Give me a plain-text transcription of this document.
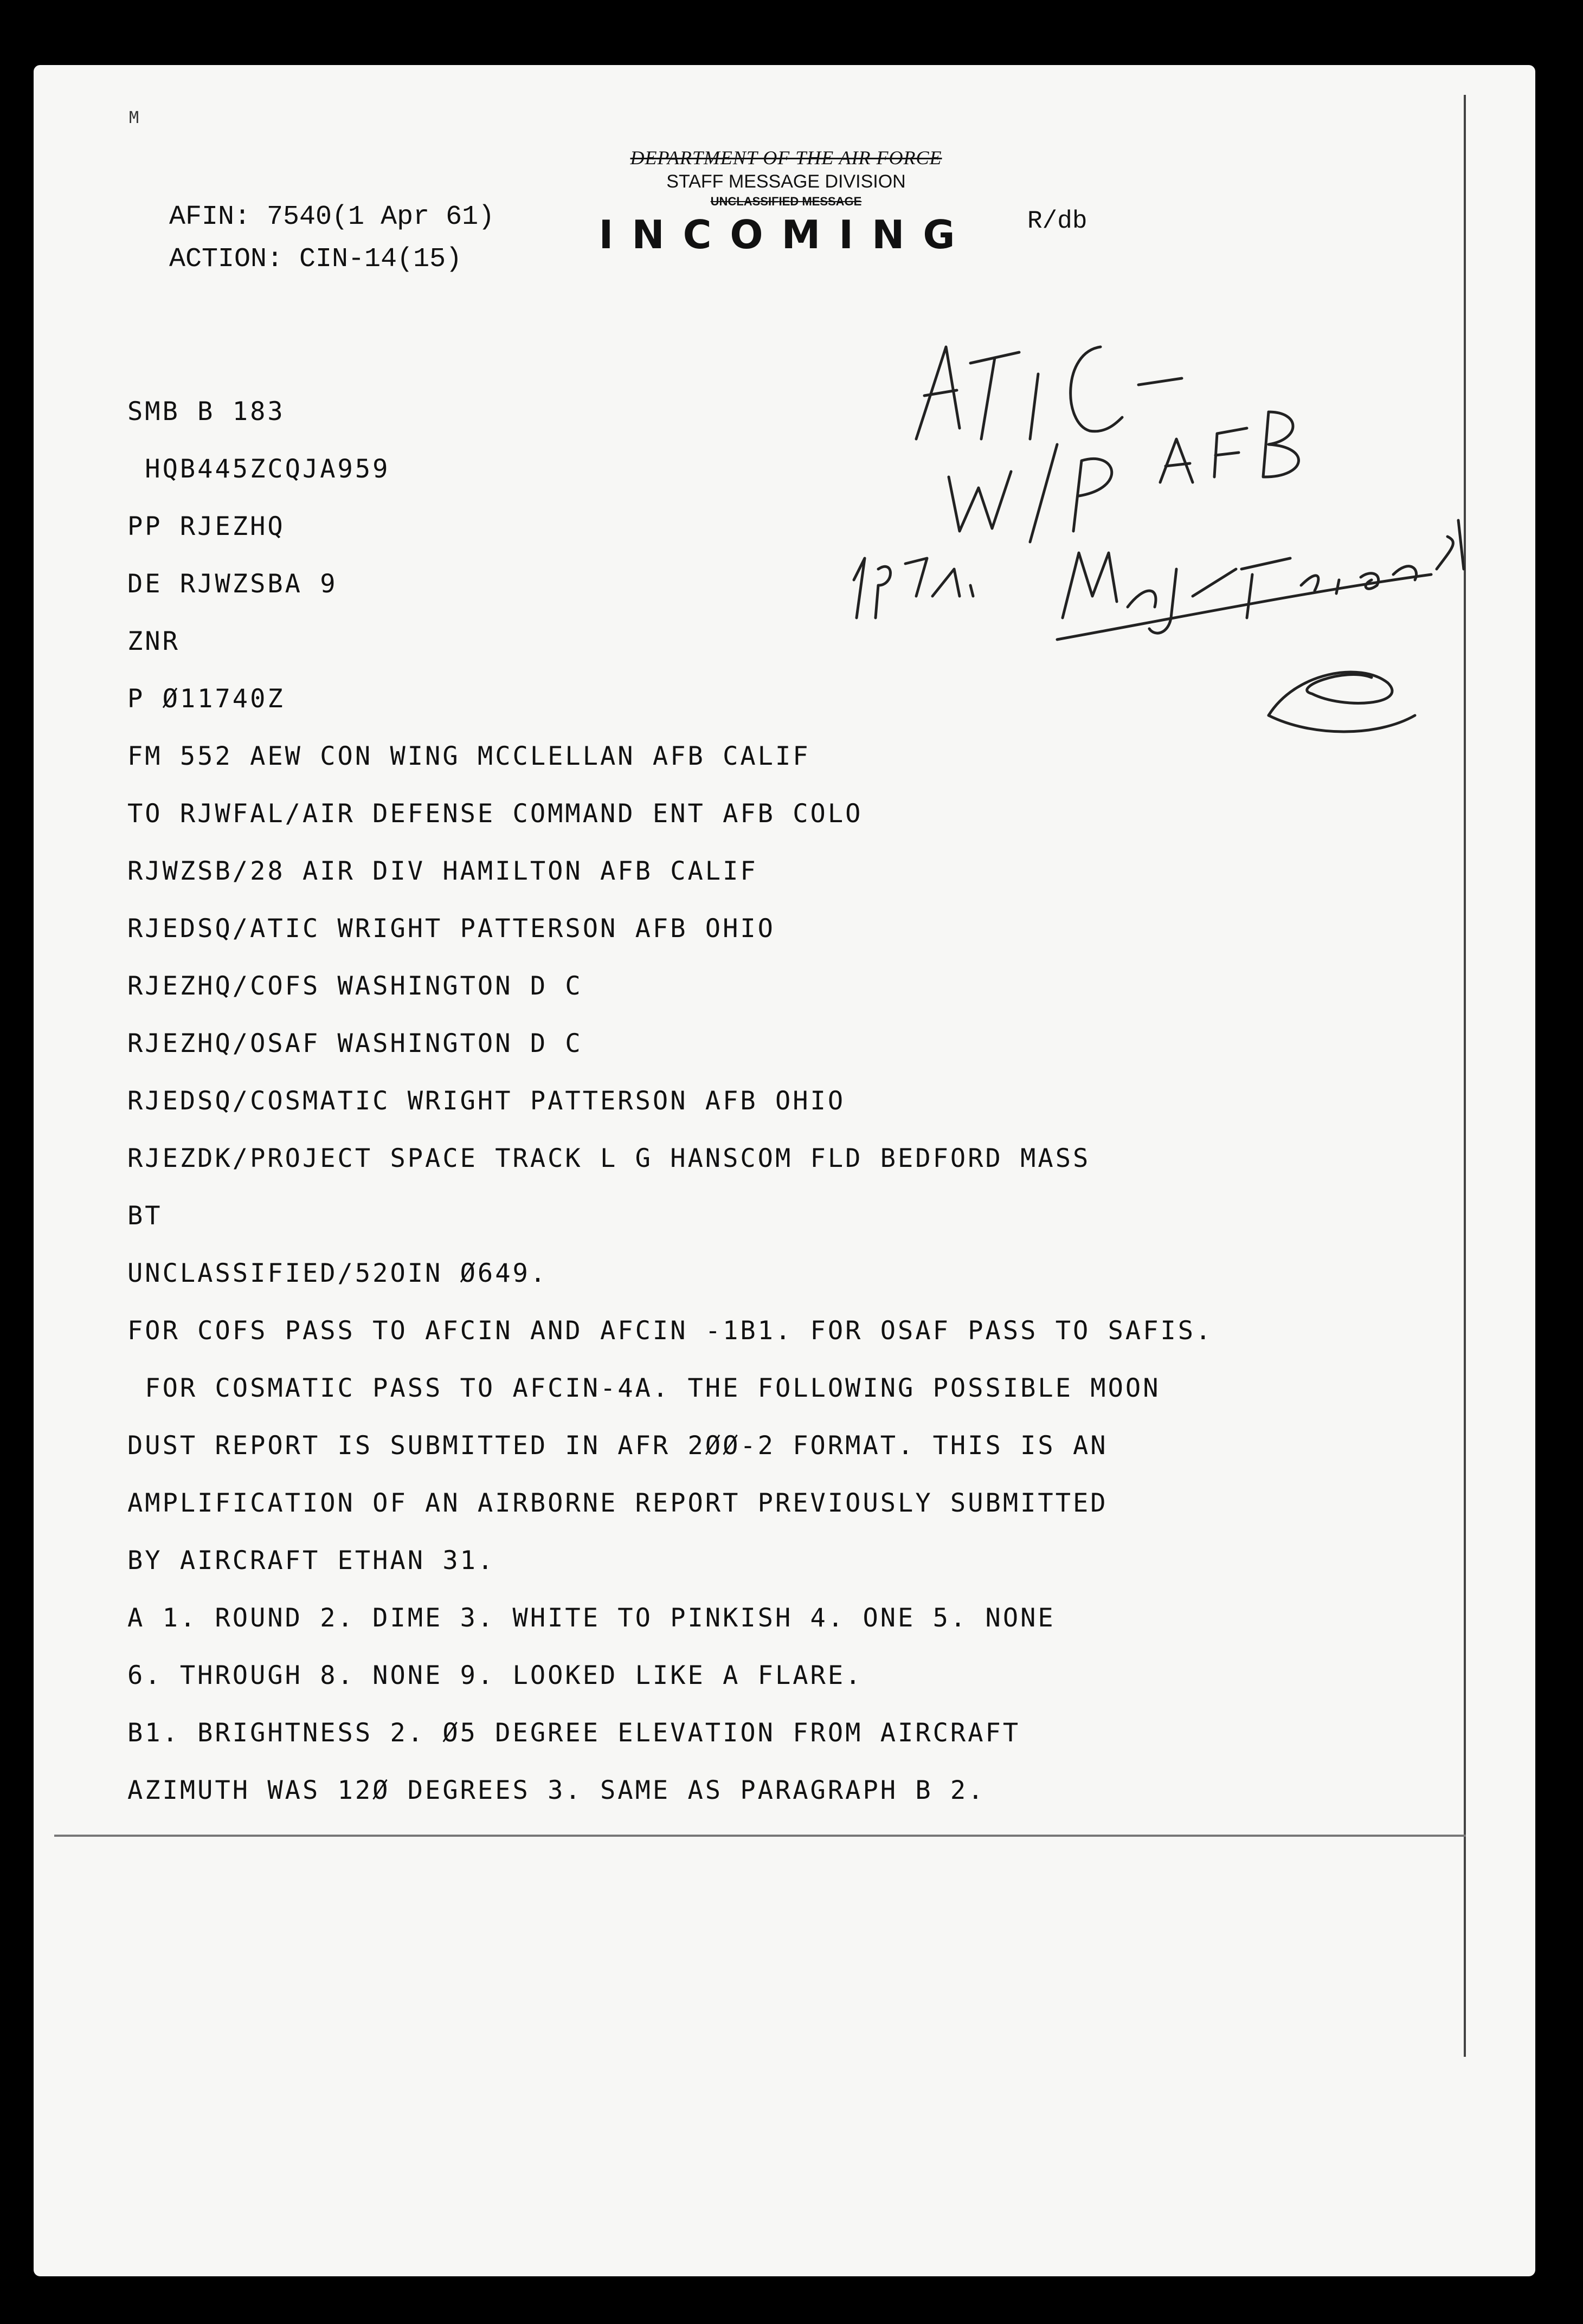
M
AFIN: 7540(1 Apr 61)
ACTION: CIN-14(15)
DEPARTMENT OF THE AIR FORCE
STAFF MESSAGE DIVISION
UNCLASSIFIED MESSAGE
INCOMING	R/db
SMB B 183
HQB445ZCQJA959
PP RJEZHQ
DE RJWZSBA 9
ZNR
P Ø11740Z
FM 552 AEW CON WING MCCLELLAN AFB CALIF
TO RJWFAL/AIR DEFENSE COMMAND ENT AFB COLO
RJWZSB/28 AIR DIV HAMILTON AFB CALIF
RJEDSQ/ATIC WRIGHT PATTERSON AFB OHIO
RJEZHQ/COFS WASHINGTON D C
RJEZHQ/OSAF WASHINGTON D C
RJEDSQ/COSMATIC WRIGHT PATTERSON AFB OHIO
RJEZDK/PROJECT SPACE TRACK L G HANSCOM FLD BEDFORD MASS
BT
UNCLASSIFIED/52OIN Ø649.
FOR COFS PASS TO AFCIN AND AFCIN -1B1. FOR OSAF PASS TO SAFIS.
FOR COSMATIC PASS TO AFCIN-4A. THE FOLLOWING POSSIBLE MOON
DUST REPORT IS SUBMITTED IN AFR 2ØØ-2 FORMAT. THIS IS AN
AMPLIFICATION OF AN AIRBORNE REPORT PREVIOUSLY SUBMITTED
BY AIRCRAFT ETHAN 31.
A 1. ROUND 2. DIME 3. WHITE TO PINKISH 4. ONE 5. NONE
6. THROUGH 8. NONE 9. LOOKED LIKE A FLARE.
B1. BRIGHTNESS 2. Ø5 DEGREE ELEVATION FROM AIRCRAFT
AZIMUTH WAS 12Ø DEGREES 3. SAME AS PARAGRAPH B 2.
